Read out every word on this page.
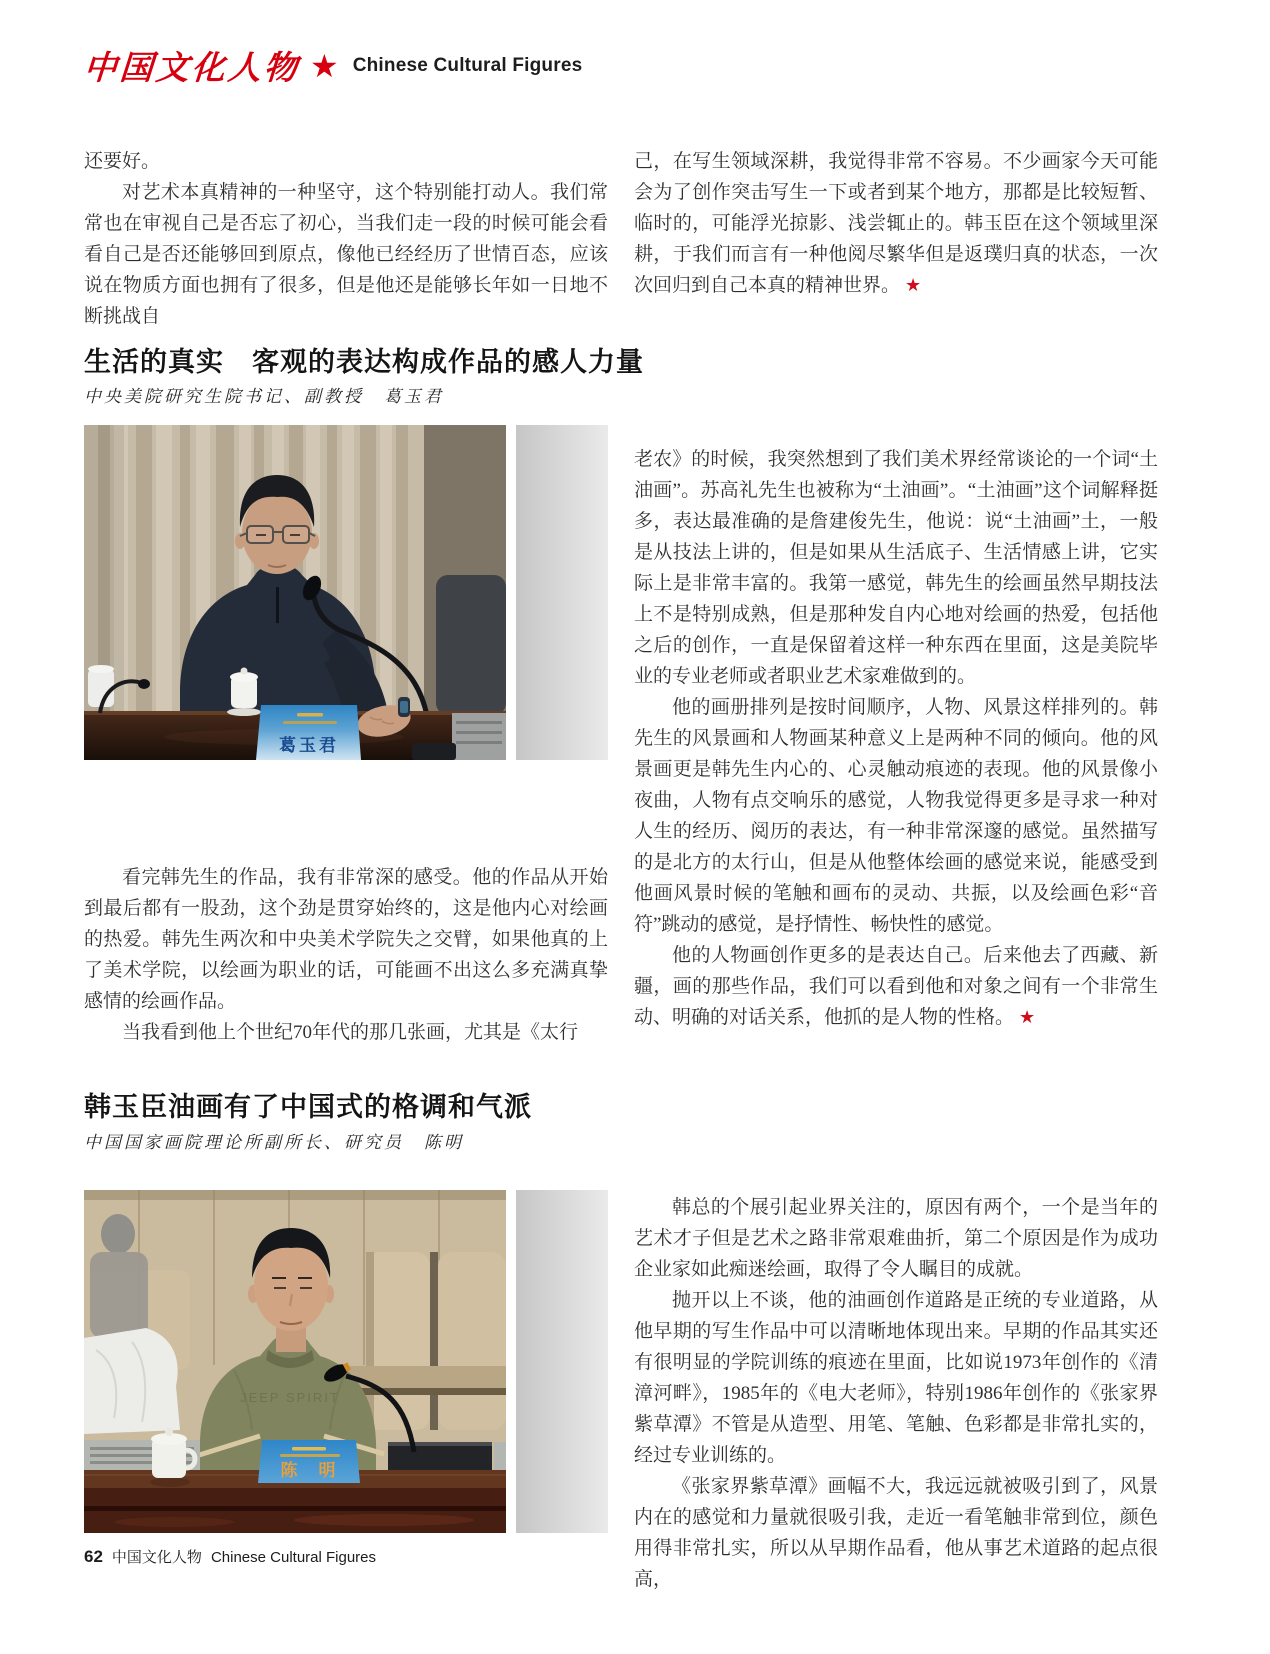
中国文化人物 ★ Chinese Cultural Figures

还要好。

对艺术本真精神的一种坚守，这个特别能打动人。我们常常也在审视自己是否忘了初心，当我们走一段的时候可能会看看自己是否还能够回到原点，像他已经经历了世情百态，应该说在物质方面也拥有了很多，但是他还是能够长年如一日地不断挑战自

己，在写生领域深耕，我觉得非常不容易。不少画家今天可能会为了创作突击写生一下或者到某个地方，那都是比较短暂、临时的，可能浮光掠影、浅尝辄止的。韩玉臣在这个领域里深耕，于我们而言有一种他阅尽繁华但是返璞归真的状态，一次次回归到自己本真的精神世界。 ★

生活的真实　客观的表达构成作品的感人力量
中央美院研究生院书记、副教授　葛玉君
葛玉君

看完韩先生的作品，我有非常深的感受。他的作品从开始到最后都有一股劲，这个劲是贯穿始终的，这是他内心对绘画的热爱。韩先生两次和中央美术学院失之交臂，如果他真的上了美术学院，以绘画为职业的话，可能画不出这么多充满真挚感情的绘画作品。

当我看到他上个世纪70年代的那几张画，尤其是《太行

老农》的时候，我突然想到了我们美术界经常谈论的一个词“土油画”。苏高礼先生也被称为“土油画”。“土油画”这个词解释挺多，表达最准确的是詹建俊先生，他说：说“土油画”土，一般是从技法上讲的，但是如果从生活底子、生活情感上讲，它实际上是非常丰富的。我第一感觉，韩先生的绘画虽然早期技法上不是特别成熟，但是那种发自内心地对绘画的热爱，包括他之后的创作，一直是保留着这样一种东西在里面，这是美院毕业的专业老师或者职业艺术家难做到的。

他的画册排列是按时间顺序，人物、风景这样排列的。韩先生的风景画和人物画某种意义上是两种不同的倾向。他的风景画更是韩先生内心的、心灵触动痕迹的表现。他的风景像小夜曲，人物有点交响乐的感觉，人物我觉得更多是寻求一种对人生的经历、阅历的表达，有一种非常深邃的感觉。虽然描写的是北方的太行山，但是从他整体绘画的感觉来说，能感受到他画风景时候的笔触和画布的灵动、共振，以及绘画色彩“音符”跳动的感觉，是抒情性、畅快性的感觉。

他的人物画创作更多的是表达自己。后来他去了西藏、新疆，画的那些作品，我们可以看到他和对象之间有一个非常生动、明确的对话关系，他抓的是人物的性格。 ★

韩玉臣油画有了中国式的格调和气派
中国国家画院理论所副所长、研究员　陈明
JEEP SPIRIT
陈　明

韩总的个展引起业界关注的，原因有两个，一个是当年的艺术才子但是艺术之路非常艰难曲折，第二个原因是作为成功企业家如此痴迷绘画，取得了令人瞩目的成就。

抛开以上不谈，他的油画创作道路是正统的专业道路，从他早期的写生作品中可以清晰地体现出来。早期的作品其实还有很明显的学院训练的痕迹在里面，比如说1973年创作的《清漳河畔》，1985年的《电大老师》，特别1986年创作的《张家界紫草潭》不管是从造型、用笔、笔触、色彩都是非常扎实的，经过专业训练的。

《张家界紫草潭》画幅不大，我远远就被吸引到了，风景内在的感觉和力量就很吸引我，走近一看笔触非常到位，颜色用得非常扎实，所以从早期作品看，他从事艺术道路的起点很高，

62 中国文化人物 Chinese Cultural Figures
